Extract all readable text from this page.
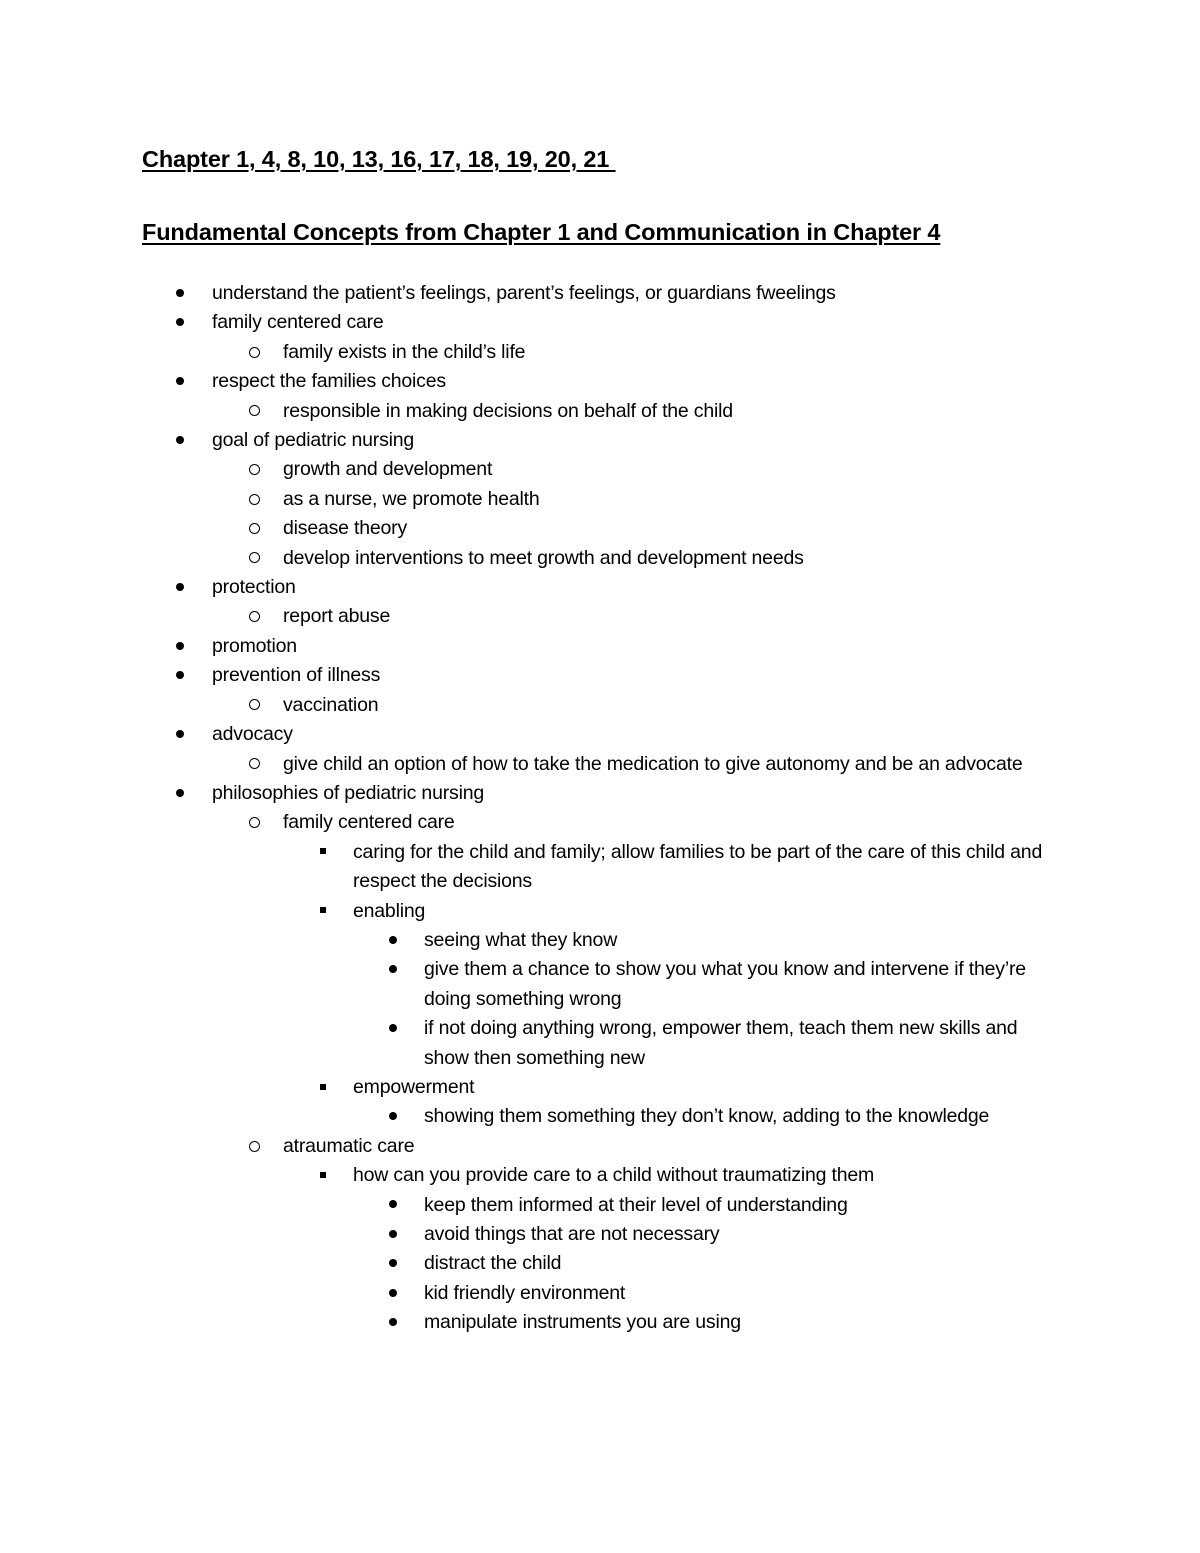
Chapter 1, 4, 8, 10, 13, 16, 17, 18, 19, 20, 21
Fundamental Concepts from Chapter 1 and Communication in Chapter 4
understand the patient’s feelings, parent’s feelings, or guardians fweelings
family centered care
family exists in the child’s life
respect the families choices
responsible in making decisions on behalf of the child
goal of pediatric nursing
growth and development
as a nurse, we promote health
disease theory
develop interventions to meet growth and development needs
protection
report abuse
promotion
prevention of illness
vaccination
advocacy
give child an option of how to take the medication to give autonomy and be an advocate
philosophies of pediatric nursing
family centered care
caring for the child and family; allow families to be part of the care of this child and respect the decisions
enabling
seeing what they know
give them a chance to show you what you know and intervene if they’re doing something wrong
if not doing anything wrong, empower them, teach them new skills and show then something new
empowerment
showing them something they don’t know, adding to the knowledge
atraumatic care
how can you provide care to a child without traumatizing them
keep them informed at their level of understanding
avoid things that are not necessary
distract the child
kid friendly environment
manipulate instruments you are using
